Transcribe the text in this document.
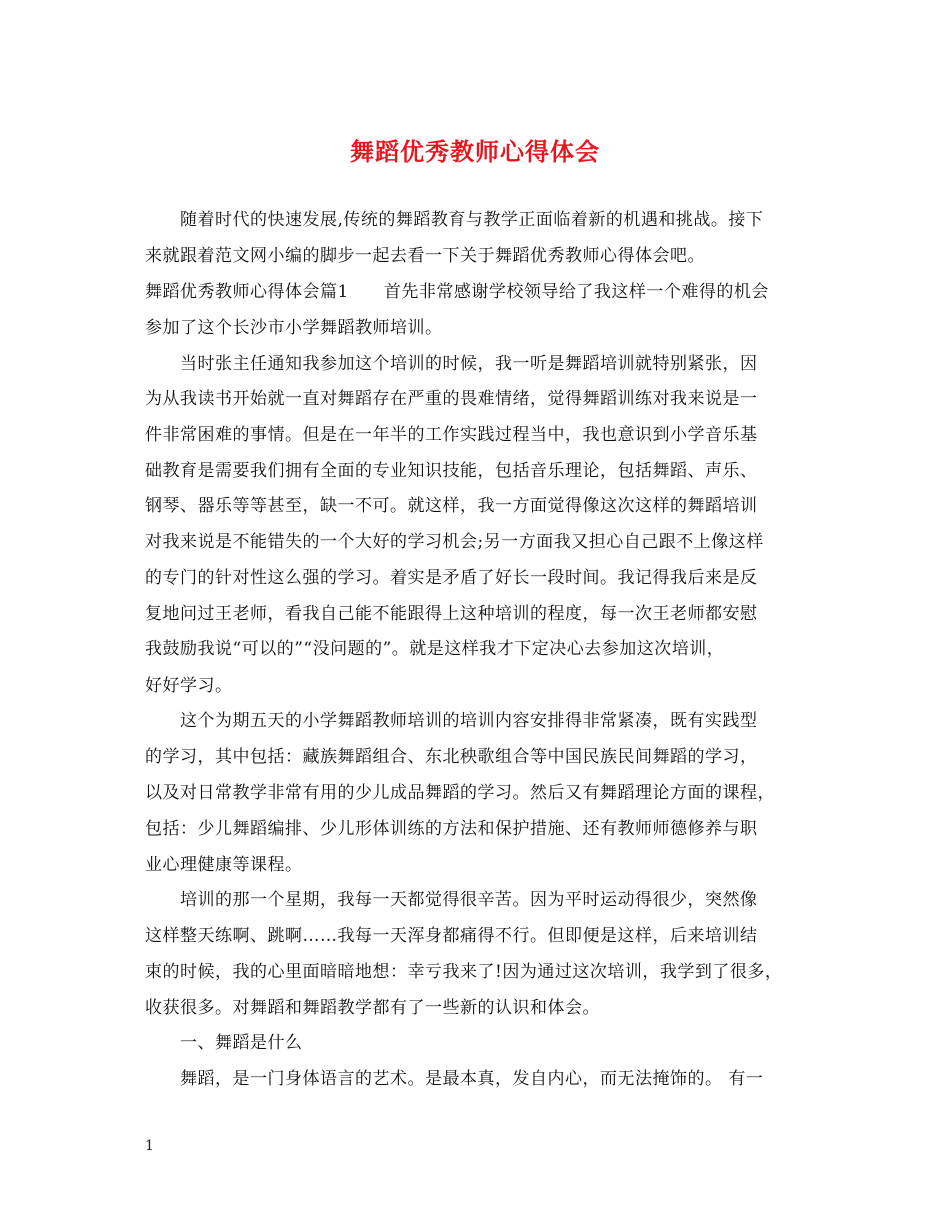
舞蹈优秀教师心得体会
随着时代的快速发展,传统的舞蹈教育与教学正面临着新的机遇和挑战。接下
来就跟着范文网小编的脚步一起去看一下关于舞蹈优秀教师心得体会吧。
舞蹈优秀教师心得体会篇1　　首先非常感谢学校领导给了我这样一个难得的机会
参加了这个长沙市小学舞蹈教师培训。
当时张主任通知我参加这个培训的时候，我一听是舞蹈培训就特别紧张，因
为从我读书开始就一直对舞蹈存在严重的畏难情绪，觉得舞蹈训练对我来说是一
件非常困难的事情。但是在一年半的工作实践过程当中，我也意识到小学音乐基
础教育是需要我们拥有全面的专业知识技能，包括音乐理论，包括舞蹈、声乐、
钢琴、器乐等等甚至，缺一不可。就这样，我一方面觉得像这次这样的舞蹈培训
对我来说是不能错失的一个大好的学习机会;另一方面我又担心自己跟不上像这样
的专门的针对性这么强的学习。着实是矛盾了好长一段时间。我记得我后来是反
复地问过王老师，看我自己能不能跟得上这种培训的程度，每一次王老师都安慰
我鼓励我说“可以的”“没问题的”。就是这样我才下定决心去参加这次培训，
好好学习。
这个为期五天的小学舞蹈教师培训的培训内容安排得非常紧凑，既有实践型
的学习，其中包括：藏族舞蹈组合、东北秧歌组合等中国民族民间舞蹈的学习，
以及对日常教学非常有用的少儿成品舞蹈的学习。然后又有舞蹈理论方面的课程，
包括：少儿舞蹈编排、少儿形体训练的方法和保护措施、还有教师师德修养与职
业心理健康等课程。
培训的那一个星期，我每一天都觉得很辛苦。因为平时运动得很少，突然像
这样整天练啊、跳啊……我每一天浑身都痛得不行。但即便是这样，后来培训结
束的时候，我的心里面暗暗地想：幸亏我来了!因为通过这次培训，我学到了很多，
收获很多。对舞蹈和舞蹈教学都有了一些新的认识和体会。
一、舞蹈是什么
舞蹈，是一门身体语言的艺术。是最本真，发自内心，而无法掩饰的。 有一
1
